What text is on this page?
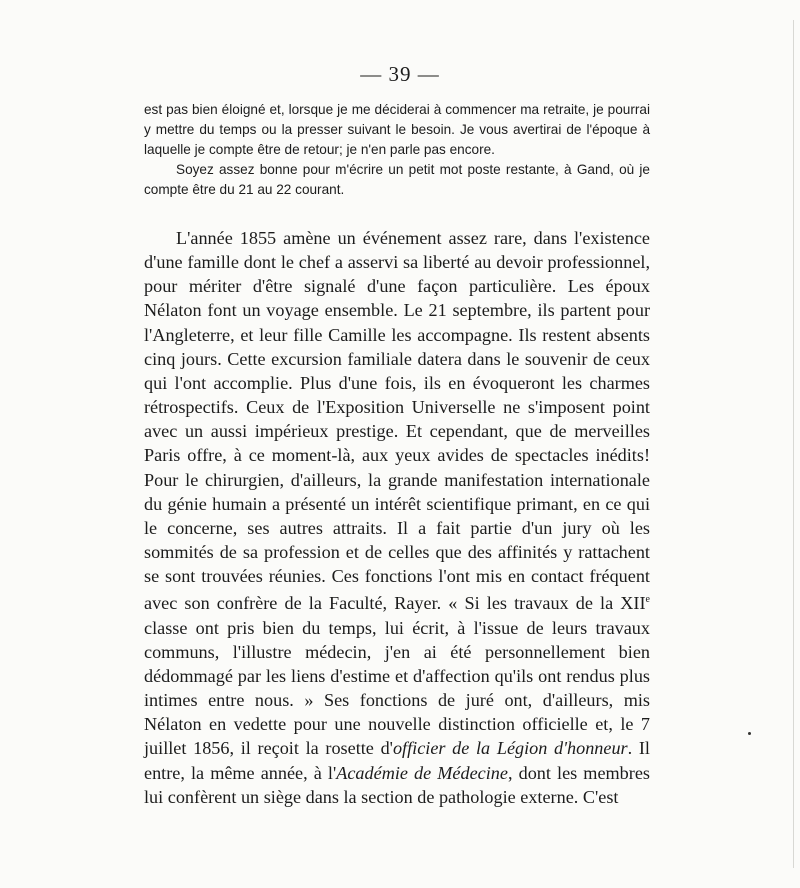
— 39 —

est pas bien éloigné et, lorsque je me déciderai à commencer ma retraite, je pourrai y mettre du temps ou la presser suivant le besoin. Je vous avertirai de l'époque à laquelle je compte être de retour; je n'en parle pas encore.

Soyez assez bonne pour m'écrire un petit mot poste restante, à Gand, où je compte être du 21 au 22 courant.

L'année 1855 amène un événement assez rare, dans l'existence d'une famille dont le chef a asservi sa liberté au devoir professionnel, pour mériter d'être signalé d'une façon particulière. Les époux Nélaton font un voyage ensemble. Le 21 septembre, ils partent pour l'Angleterre, et leur fille Camille les accompagne. Ils restent absents cinq jours. Cette excursion familiale datera dans le souvenir de ceux qui l'ont accomplie. Plus d'une fois, ils en évoqueront les charmes rétrospectifs. Ceux de l'Exposition Universelle ne s'imposent point avec un aussi impérieux prestige. Et cependant, que de merveilles Paris offre, à ce moment-là, aux yeux avides de spectacles inédits! Pour le chirurgien, d'ailleurs, la grande manifestation internationale du génie humain a présenté un intérêt scientifique primant, en ce qui le concerne, ses autres attraits. Il a fait partie d'un jury où les sommités de sa profession et de celles que des affinités y rattachent se sont trouvées réunies. Ces fonctions l'ont mis en contact fréquent avec son confrère de la Faculté, Rayer. « Si les travaux de la XIIe classe ont pris bien du temps, lui écrit, à l'issue de leurs travaux communs, l'illustre médecin, j'en ai été personnellement bien dédommagé par les liens d'estime et d'affection qu'ils ont rendus plus intimes entre nous. » Ses fonctions de juré ont, d'ailleurs, mis Nélaton en vedette pour une nouvelle distinction officielle et, le 7 juillet 1856, il reçoit la rosette d'officier de la Légion d'honneur. Il entre, la même année, à l'Académie de Médecine, dont les membres lui confèrent un siège dans la section de pathologie externe. C'est
